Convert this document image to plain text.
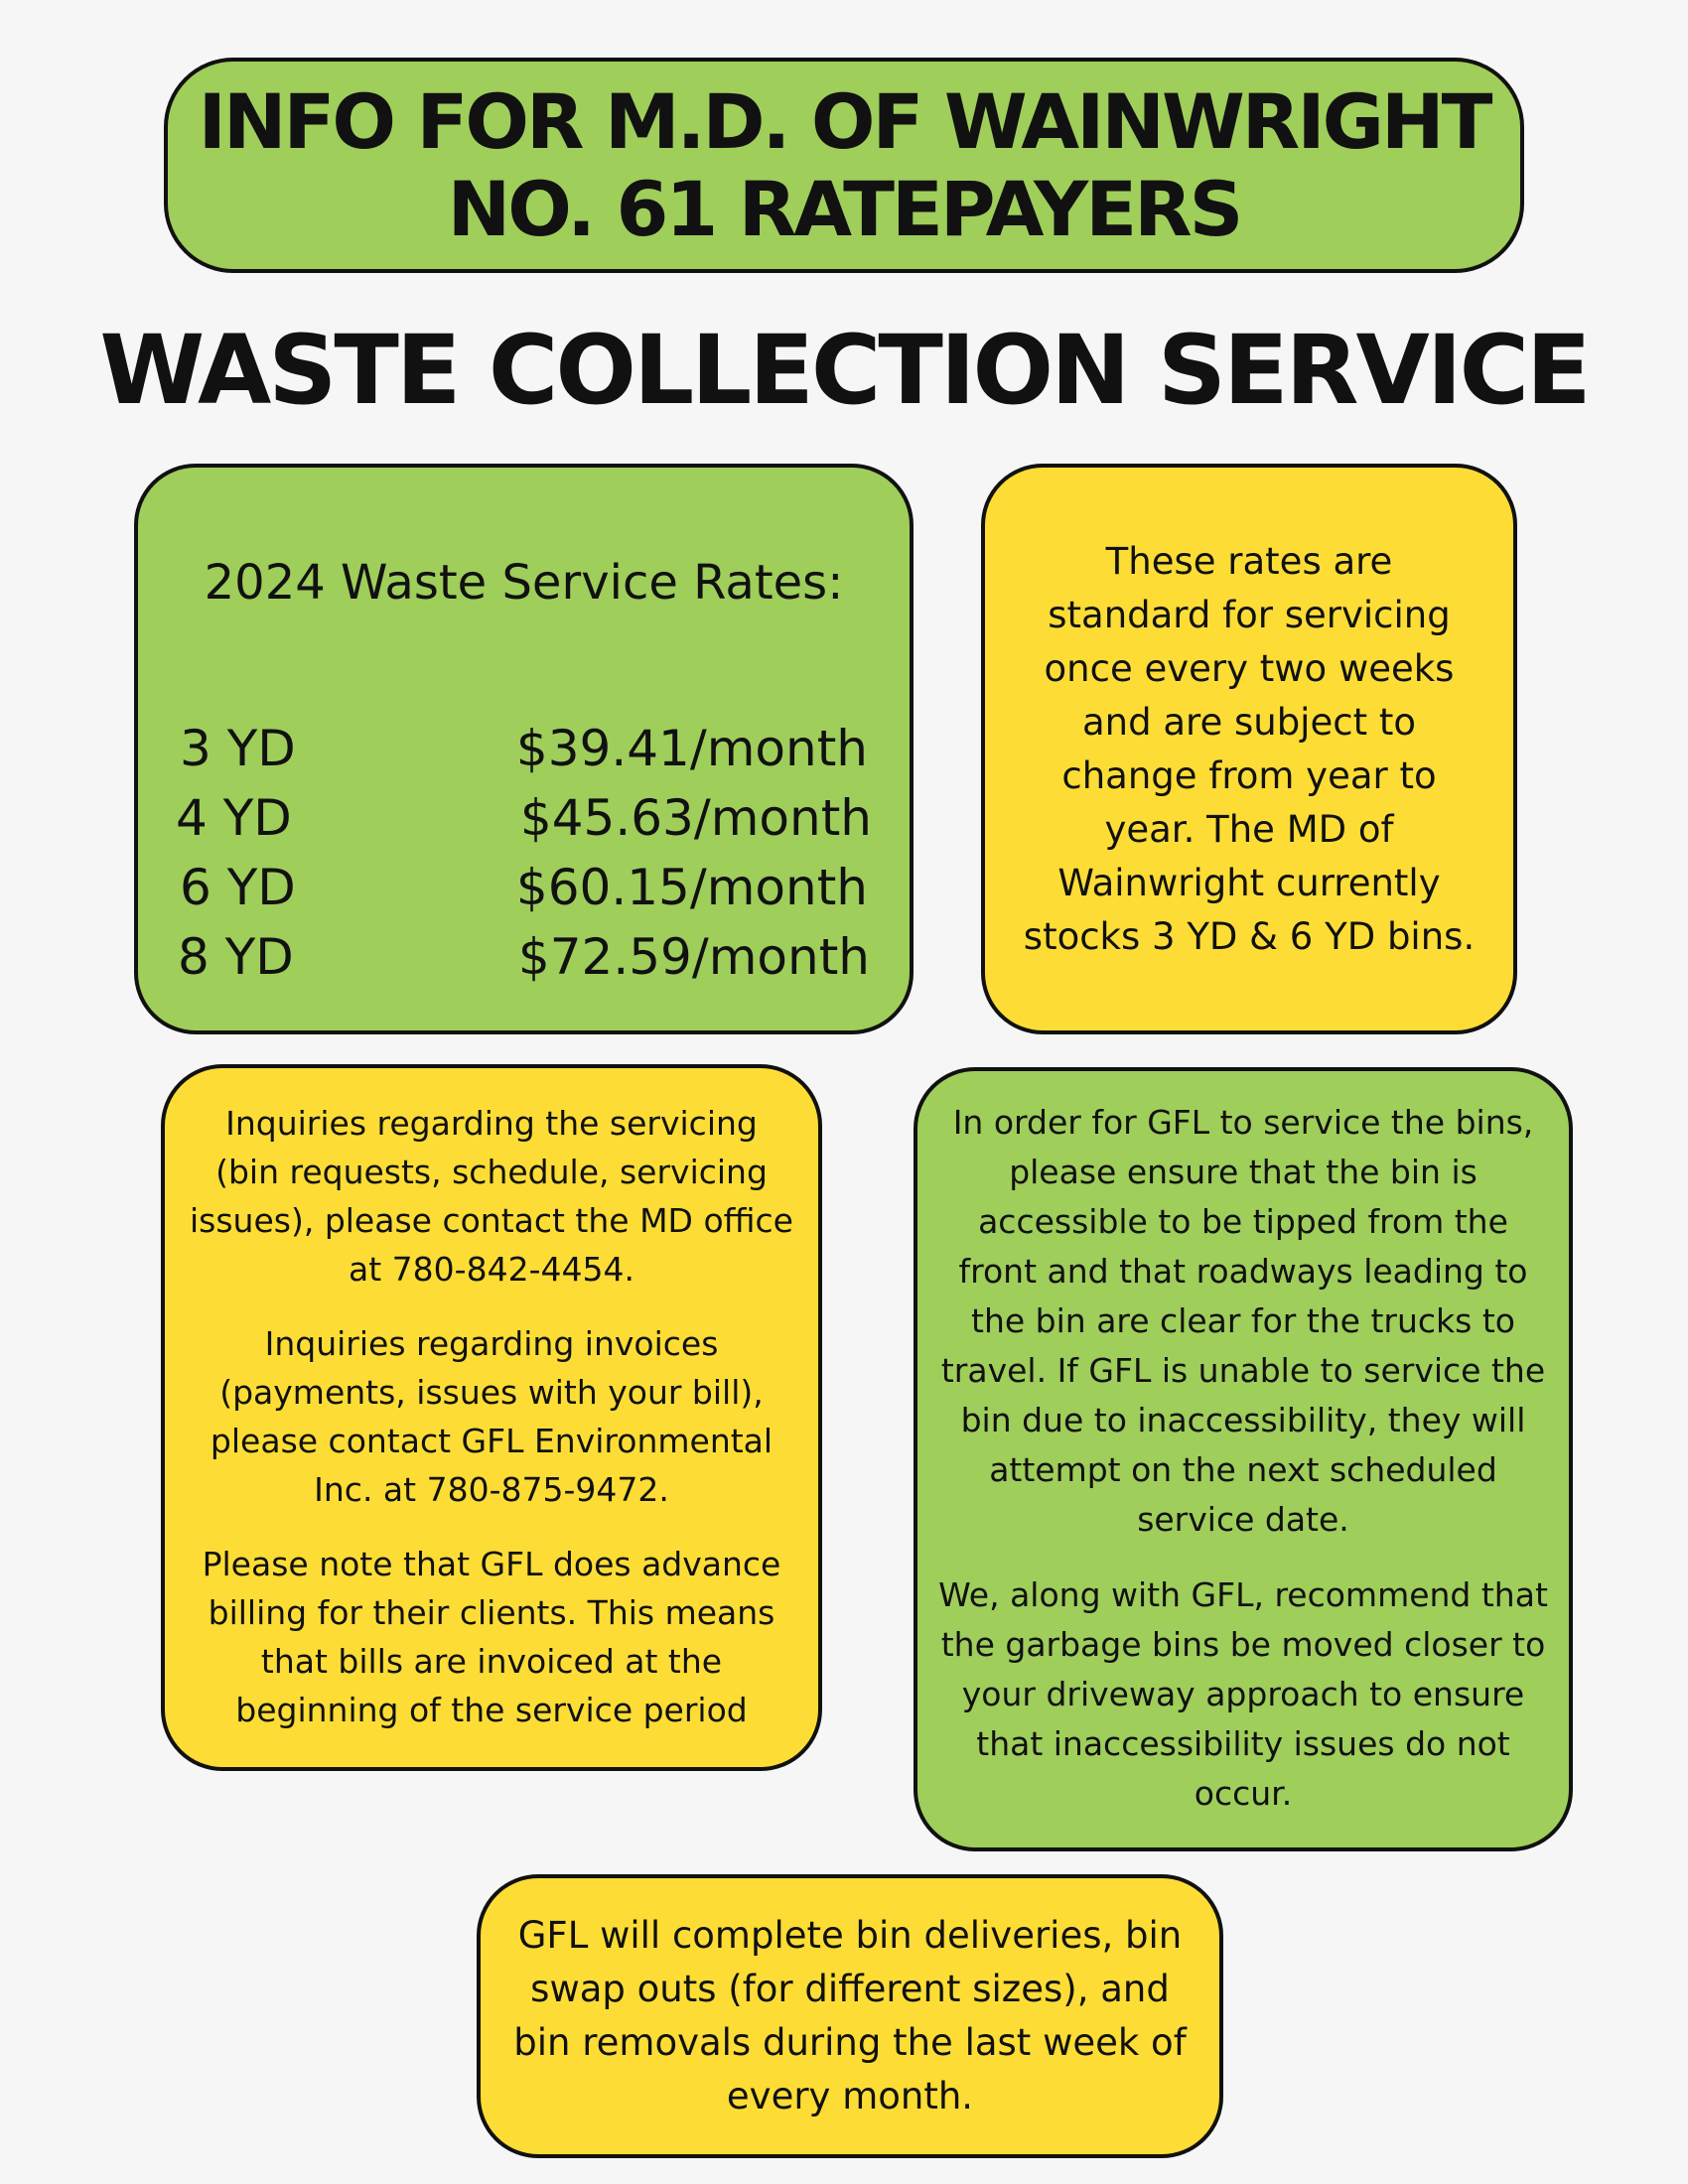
INFO FOR M.D. OF WAINWRIGHT
NO. 61 RATEPAYERS
WASTE COLLECTION SERVICE
2024 Waste Service Rates:
3 YD	$39.41/month
4 YD	$45.63/month
6 YD	$60.15/month
8 YD	$72.59/month
These rates are standard for servicing once every two weeks and are subject to change from year to year. The MD of Wainwright currently stocks 3 YD & 6 YD bins.

Inquiries regarding the servicing (bin requests, schedule, servicing issues), please contact the MD office at 780-842-4454.

Inquiries regarding invoices (payments, issues with your bill), please contact GFL Environmental Inc. at 780-875-9472.

Please note that GFL does advance billing for their clients. This means that bills are invoiced at the beginning of the service period

In order for GFL to service the bins, please ensure that the bin is accessible to be tipped from the front and that roadways leading to the bin are clear for the trucks to travel. If GFL is unable to service the bin due to inaccessibility, they will attempt on the next scheduled service date.

We, along with GFL, recommend that the garbage bins be moved closer to your driveway approach to ensure that inaccessibility issues do not occur.

GFL will complete bin deliveries, bin swap outs (for different sizes), and bin removals during the last week of every month.
